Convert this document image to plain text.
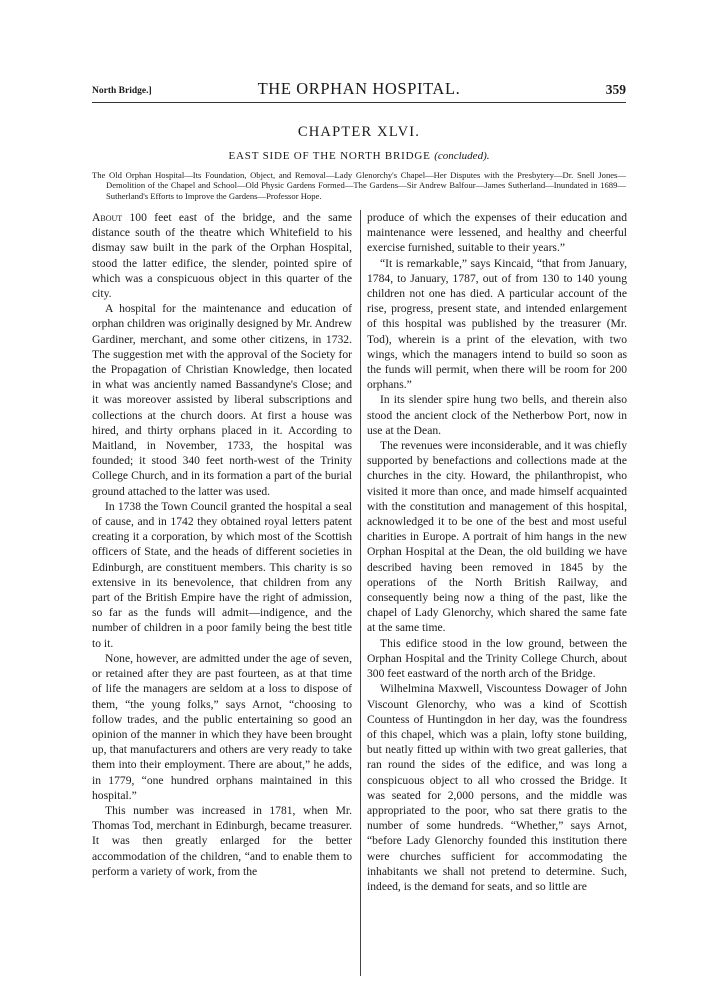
North Bridge.]	THE ORPHAN HOSPITAL.	359
CHAPTER XLVI.
EAST SIDE OF THE NORTH BRIDGE (concluded).
The Old Orphan Hospital—Its Foundation, Object, and Removal—Lady Glenorchy's Chapel—Her Disputes with the Presbytery—Dr. Snell Jones—Demolition of the Chapel and School—Old Physic Gardens Formed—The Gardens—Sir Andrew Balfour—James Sutherland—Inundated in 1689—Sutherland's Efforts to Improve the Gardens—Professor Hope.

About 100 feet east of the bridge, and the same distance south of the theatre which Whitefield to his dismay saw built in the park of the Orphan Hospital, stood the latter edifice, the slender, pointed spire of which was a conspicuous object in this quarter of the city.

A hospital for the maintenance and education of orphan children was originally designed by Mr. Andrew Gardiner, merchant, and some other citizens, in 1732. The suggestion met with the approval of the Society for the Propagation of Christian Knowledge, then located in what was anciently named Bassandyne's Close; and it was moreover assisted by liberal subscriptions and collections at the church doors. At first a house was hired, and thirty orphans placed in it. According to Maitland, in November, 1733, the hospital was founded; it stood 340 feet north-west of the Trinity College Church, and in its formation a part of the burial ground attached to the latter was used.

In 1738 the Town Council granted the hospital a seal of cause, and in 1742 they obtained royal letters patent creating it a corporation, by which most of the Scottish officers of State, and the heads of different societies in Edinburgh, are constituent members. This charity is so extensive in its benevolence, that children from any part of the British Empire have the right of admission, so far as the funds will admit—indigence, and the number of children in a poor family being the best title to it.

None, however, are admitted under the age of seven, or retained after they are past fourteen, as at that time of life the managers are seldom at a loss to dispose of them, “the young folks,” says Arnot, “choosing to follow trades, and the public entertaining so good an opinion of the manner in which they have been brought up, that manufacturers and others are very ready to take them into their employment. There are about,” he adds, in 1779, “one hundred orphans maintained in this hospital.”

This number was increased in 1781, when Mr. Thomas Tod, merchant in Edinburgh, became treasurer. It was then greatly enlarged for the better accommodation of the children, “and to enable them to perform a variety of work, from the

produce of which the expenses of their education and maintenance were lessened, and healthy and cheerful exercise furnished, suitable to their years.”

“It is remarkable,” says Kincaid, “that from January, 1784, to January, 1787, out of from 130 to 140 young children not one has died. A particular account of the rise, progress, present state, and intended enlargement of this hospital was published by the treasurer (Mr. Tod), wherein is a print of the elevation, with two wings, which the managers intend to build so soon as the funds will permit, when there will be room for 200 orphans.”

In its slender spire hung two bells, and therein also stood the ancient clock of the Netherbow Port, now in use at the Dean.

The revenues were inconsiderable, and it was chiefly supported by benefactions and collections made at the churches in the city. Howard, the philanthropist, who visited it more than once, and made himself acquainted with the constitution and management of this hospital, acknowledged it to be one of the best and most useful charities in Europe. A portrait of him hangs in the new Orphan Hospital at the Dean, the old building we have described having been removed in 1845 by the operations of the North British Railway, and consequently being now a thing of the past, like the chapel of Lady Glenorchy, which shared the same fate at the same time.

This edifice stood in the low ground, between the Orphan Hospital and the Trinity College Church, about 300 feet eastward of the north arch of the Bridge.

Wilhelmina Maxwell, Viscountess Dowager of John Viscount Glenorchy, who was a kind of Scottish Countess of Huntingdon in her day, was the foundress of this chapel, which was a plain, lofty stone building, but neatly fitted up within with two great galleries, that ran round the sides of the edifice, and was long a conspicuous object to all who crossed the Bridge. It was seated for 2,000 persons, and the middle was appropriated to the poor, who sat there gratis to the number of some hundreds. “Whether,” says Arnot, “before Lady Glenorchy founded this institution there were churches sufficient for accommodating the inhabitants we shall not pretend to determine. Such, indeed, is the demand for seats, and so little are
